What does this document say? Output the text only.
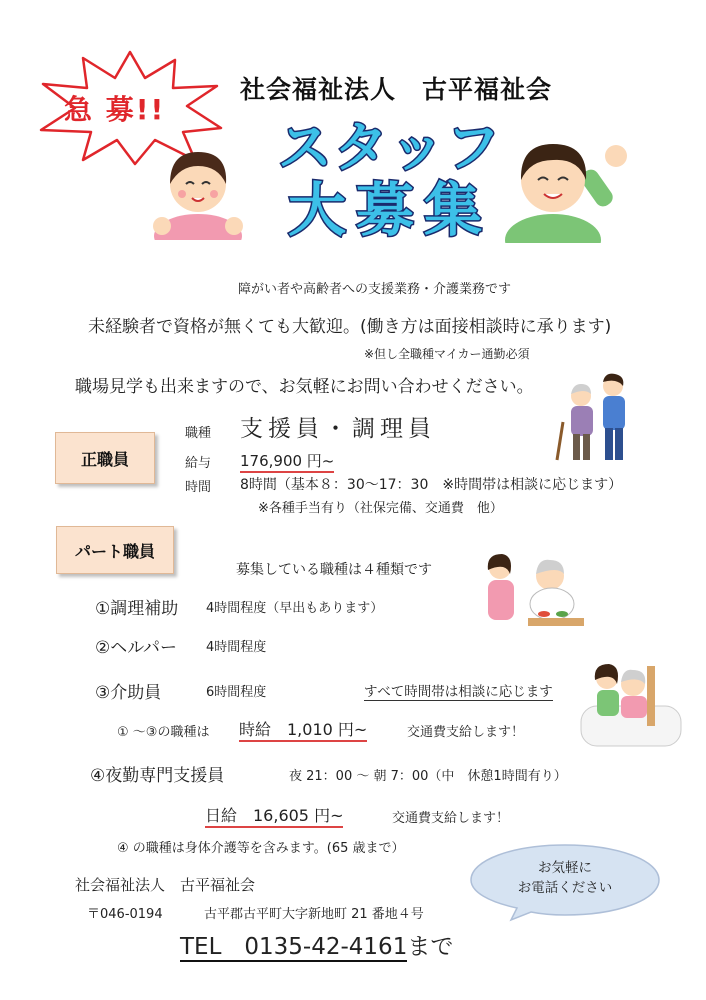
急 募!!
社会福祉法人　古平福祉会
スタッフ
大募集
障がい者や高齢者への支援業務・介護業務です
未経験者で資格が無くても大歓迎。(働き方は面接相談時に承ります)
※但し全職種マイカー通勤必須
職場見学も出来ますので、お気軽にお問い合わせください。
正職員
職種 支援員・調理員
給与 176,900 円~
時間 8時間（基本８：30～17：30　※時間帯は相談に応じます）
※各種手当有り（社保完備、交通費　他）
パート職員
募集している職種は４種類です
①調理補助 4時間程度（早出もあります）
②ヘルパー 4時間程度
③介助員	6時間程度	すべて時間帯は相談に応じます
① ～③の職種は 時給　1,010 円~	交通費支給します！
④夜勤専門支援員	夜 21：00 ～ 朝 7：00（中　休憩1時間有り）
日給　16,605 円~	交通費支給します！
④ の職種は身体介護等を含みます。(65 歳まで）
お気軽に
お電話ください
社会福祉法人　古平福祉会
〒046-0194	古平郡古平町大字新地町 21 番地４号
TEL　0135-42-4161まで
